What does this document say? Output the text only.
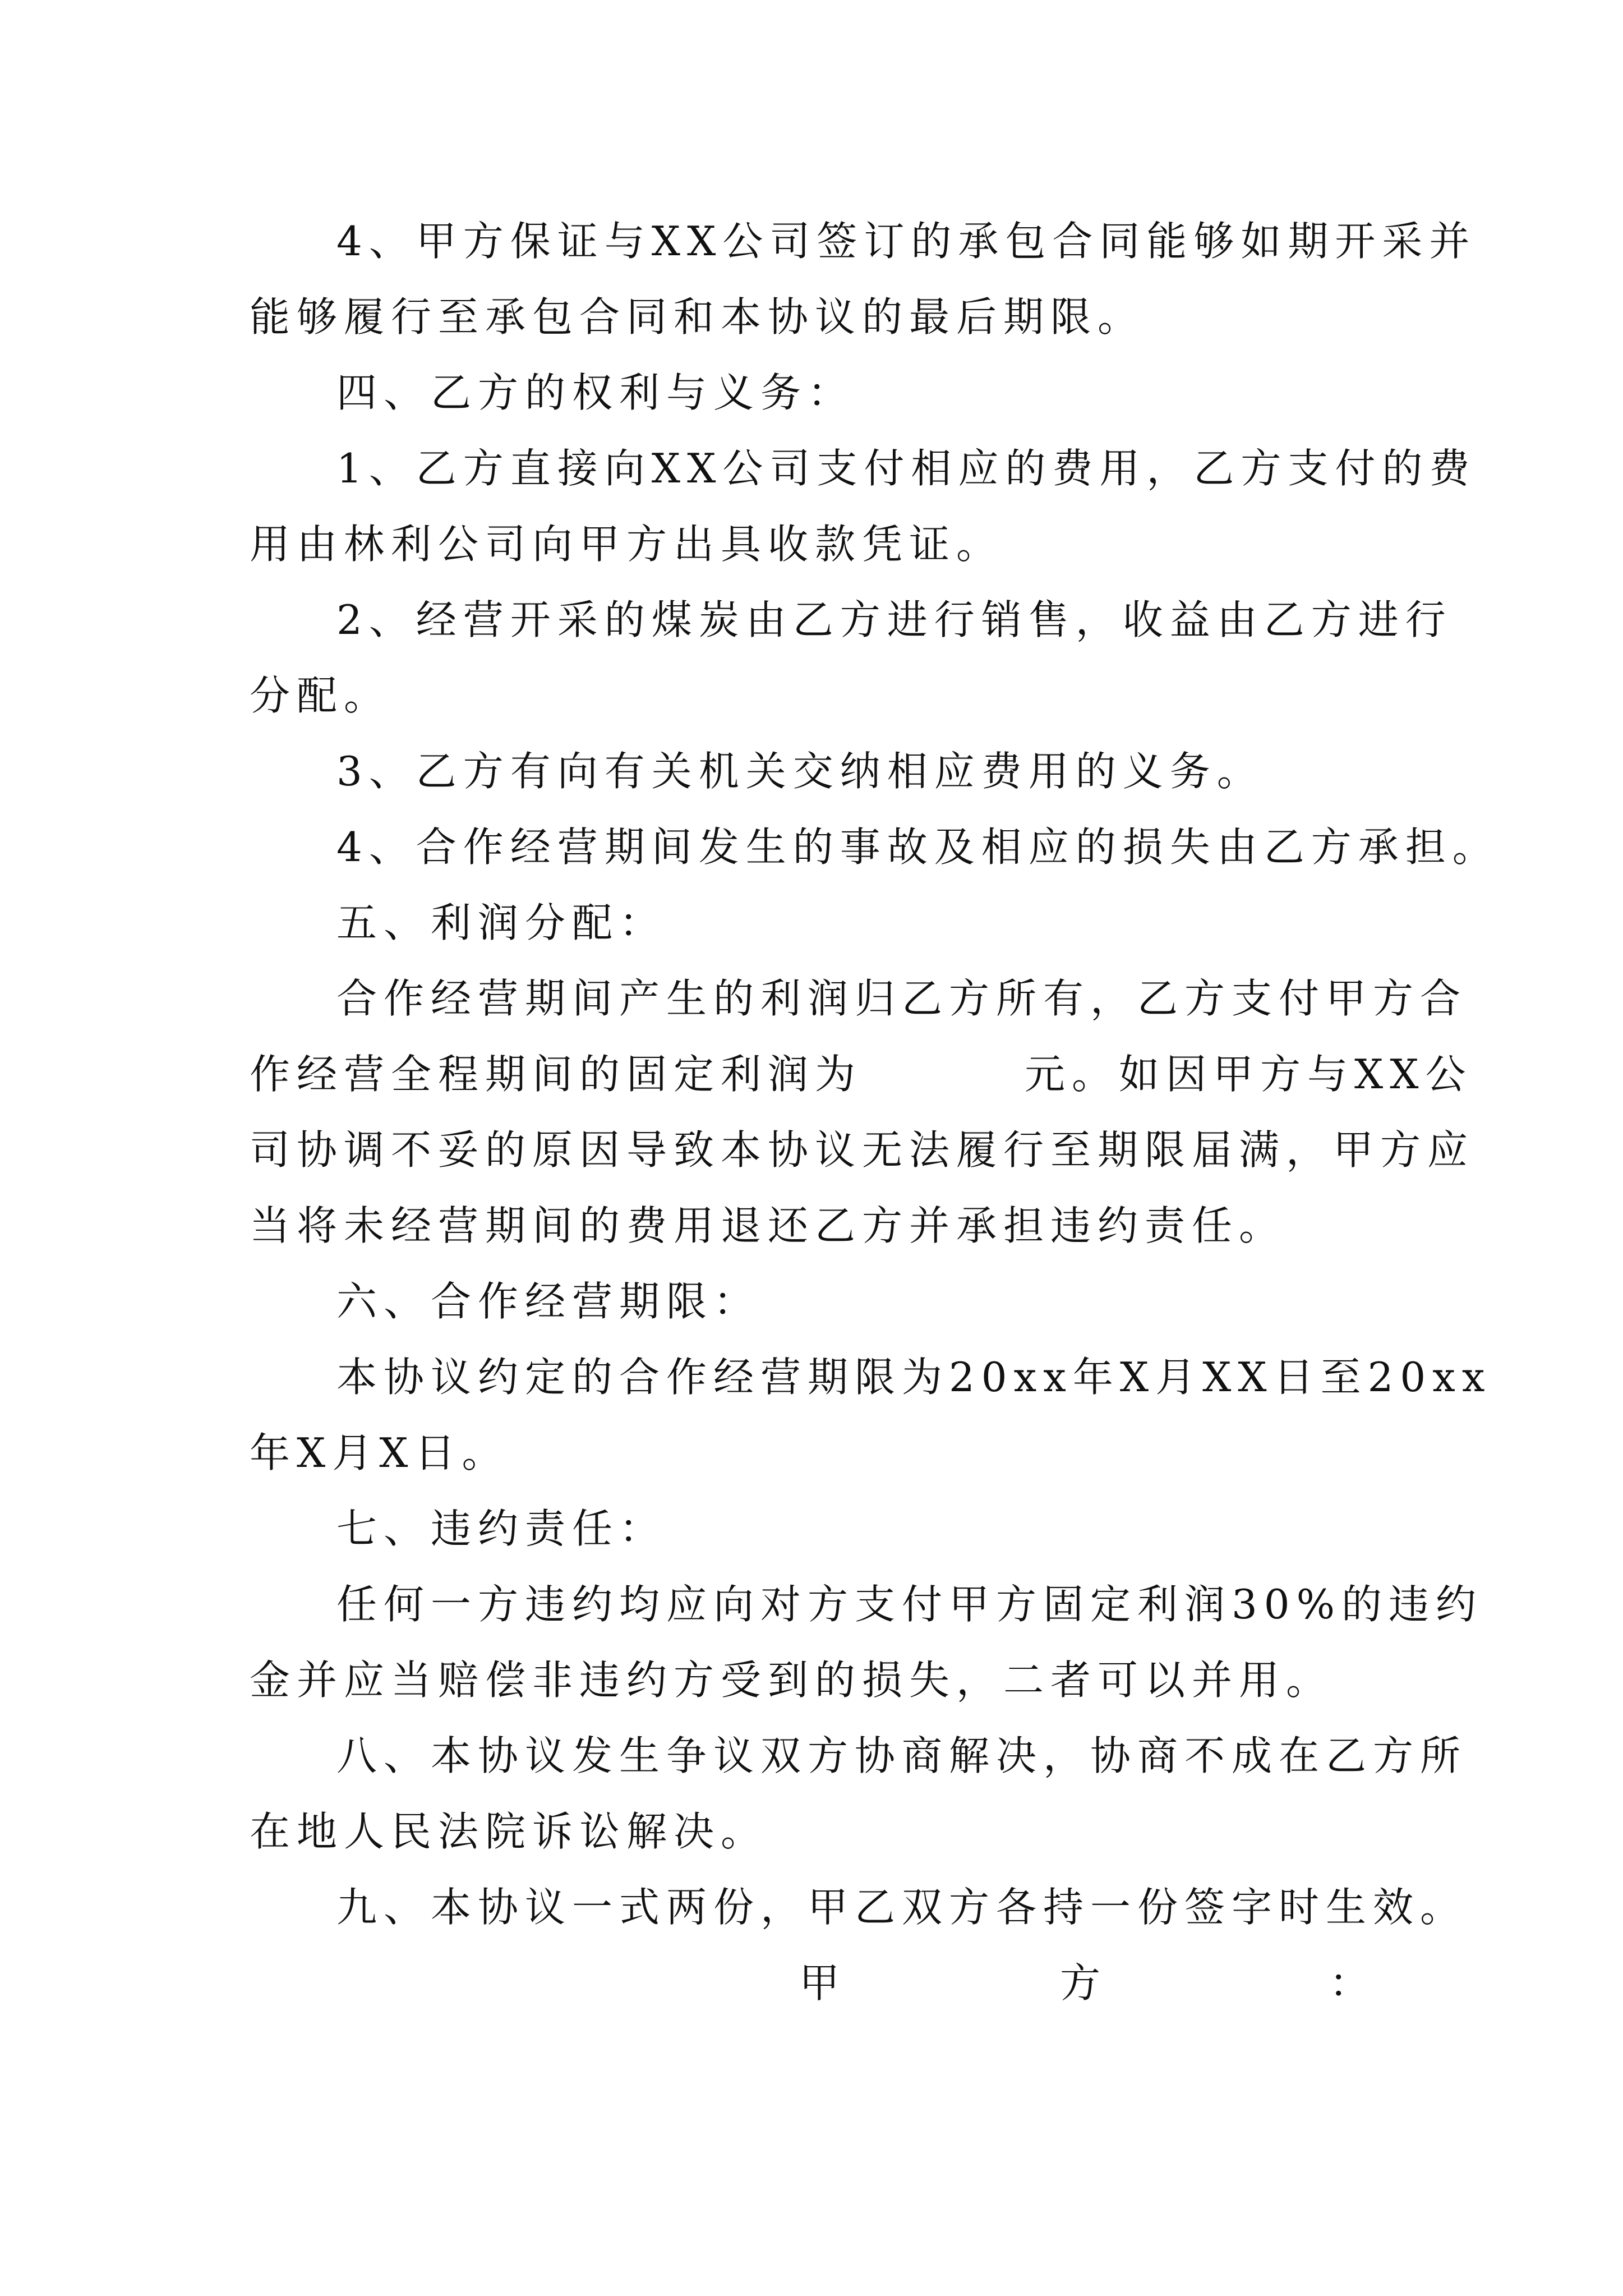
4、甲方保证与XX公司签订的承包合同能够如期开采并
能够履行至承包合同和本协议的最后期限。
四、乙方的权利与义务：
1、乙方直接向XX公司支付相应的费用，乙方支付的费
用由林利公司向甲方出具收款凭证。
2、经营开采的煤炭由乙方进行销售，收益由乙方进行
分配。
3、乙方有向有关机关交纳相应费用的义务。
4、合作经营期间发生的事故及相应的损失由乙方承担。
五、利润分配：
合作经营期间产生的利润归乙方所有，乙方支付甲方合
作经营全程期间的固定利润为	元。如因甲方与XX公
司协调不妥的原因导致本协议无法履行至期限届满，甲方应
当将未经营期间的费用退还乙方并承担违约责任。
六、合作经营期限：
本协议约定的合作经营期限为20xx年X月XX日至20xx
年X月X日。
七、违约责任：
任何一方违约均应向对方支付甲方固定利润30%的违约
金并应当赔偿非违约方受到的损失，二者可以并用。
八、本协议发生争议双方协商解决，协商不成在乙方所
在地人民法院诉讼解决。
九、本协议一式两份，甲乙双方各持一份签字时生效。
甲	方	：
